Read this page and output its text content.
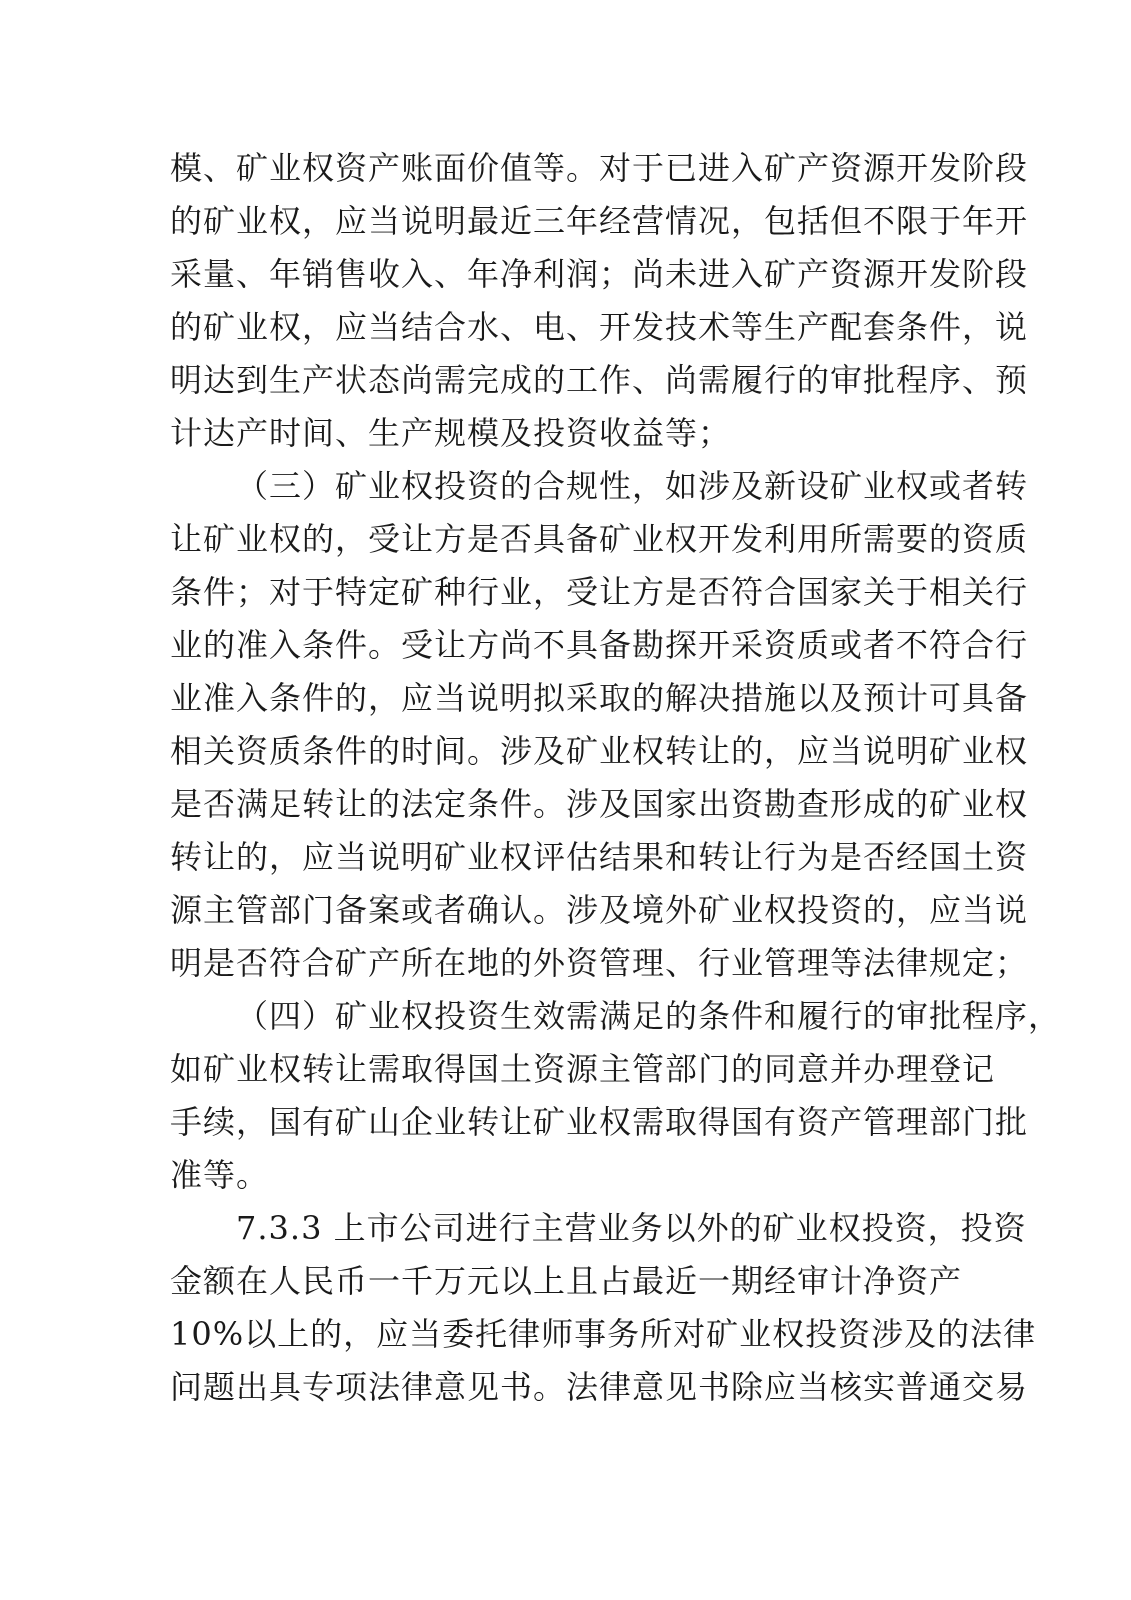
模、矿业权资产账面价值等。对于已进入矿产资源开发阶段
的矿业权，应当说明最近三年经营情况，包括但不限于年开
采量、年销售收入、年净利润；尚未进入矿产资源开发阶段
的矿业权，应当结合水、电、开发技术等生产配套条件，说
明达到生产状态尚需完成的工作、尚需履行的审批程序、预
计达产时间、生产规模及投资收益等；
（三）矿业权投资的合规性，如涉及新设矿业权或者转
让矿业权的，受让方是否具备矿业权开发利用所需要的资质
条件；对于特定矿种行业，受让方是否符合国家关于相关行
业的准入条件。受让方尚不具备勘探开采资质或者不符合行
业准入条件的，应当说明拟采取的解决措施以及预计可具备
相关资质条件的时间。涉及矿业权转让的，应当说明矿业权
是否满足转让的法定条件。涉及国家出资勘查形成的矿业权
转让的，应当说明矿业权评估结果和转让行为是否经国土资
源主管部门备案或者确认。涉及境外矿业权投资的，应当说
明是否符合矿产所在地的外资管理、行业管理等法律规定；
（四）矿业权投资生效需满足的条件和履行的审批程序，
如矿业权转让需取得国土资源主管部门的同意并办理登记
手续，国有矿山企业转让矿业权需取得国有资产管理部门批
准等。
7.3.3 上市公司进行主营业务以外的矿业权投资，投资
金额在人民币一千万元以上且占最近一期经审计净资产
10%以上的，应当委托律师事务所对矿业权投资涉及的法律
问题出具专项法律意见书。法律意见书除应当核实普通交易
